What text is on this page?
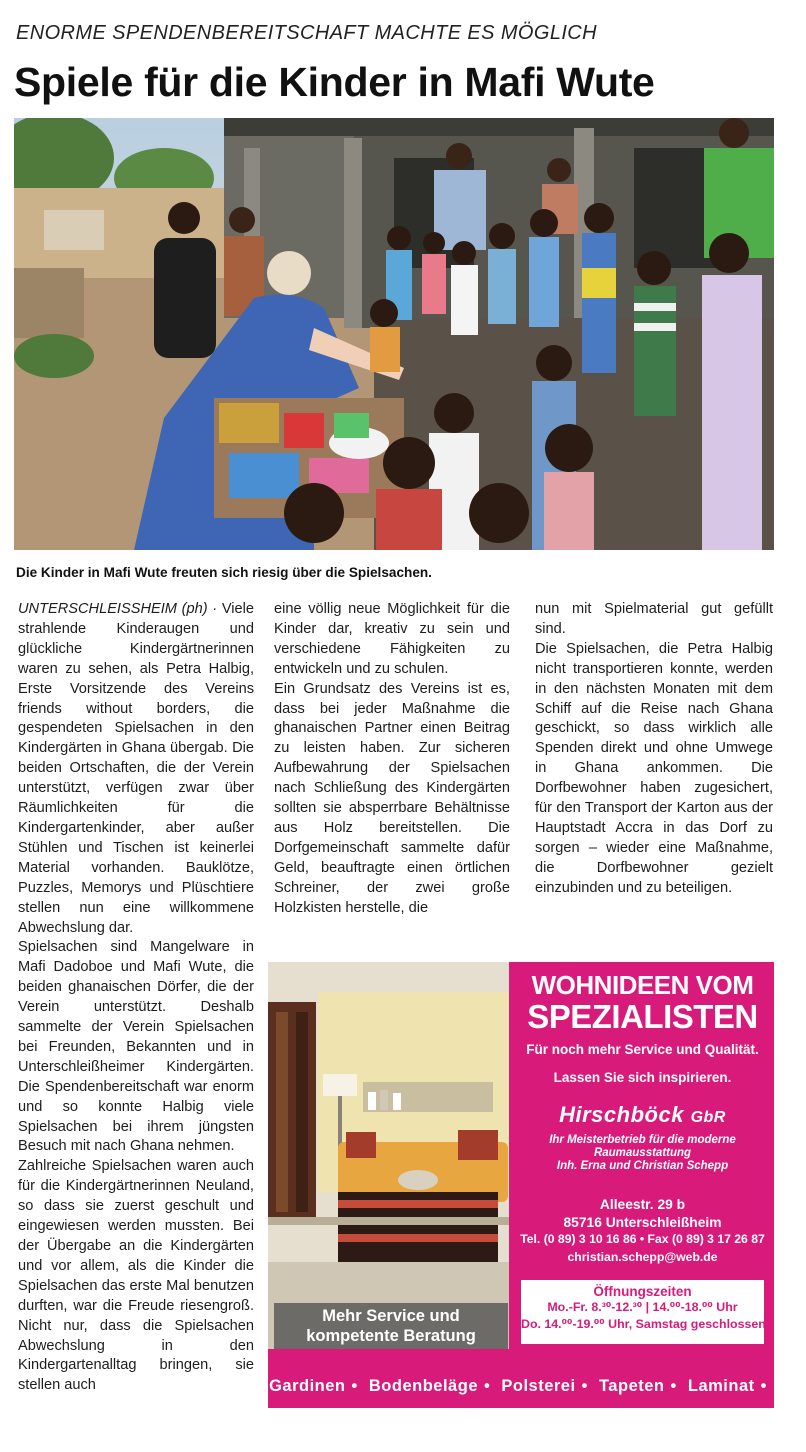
ENORME SPENDENBEREITSCHAFT MACHTE ES MÖGLICH
Spiele für die Kinder in Mafi Wute
Die Kinder in Mafi Wute freuten sich riesig über die Spielsachen.

UNTERSCHLEISSHEIM (ph) · Viele strahlende Kinderaugen und glückliche Kindergärtnerinnen waren zu sehen, als Petra Halbig, Erste Vorsitzende des Vereins friends without borders, die gespendeten Spielsachen in den Kindergärten in Ghana übergab. Die beiden Ortschaften, die der Verein unterstützt, verfügen zwar über Räumlichkeiten für die Kindergartenkinder, aber außer Stühlen und Tischen ist keinerlei Material vorhanden. Bauklötze, Puzzles, Memorys und Plüschtiere stellen nun eine willkommene Abwechslung dar.

Spielsachen sind Mangelware in Mafi Dadoboe und Mafi Wute, die beiden ghanaischen Dörfer, die der Verein unterstützt. Deshalb sammelte der Verein Spielsachen bei Freunden, Bekannten und in Unterschleißheimer Kindergärten. Die Spendenbereitschaft war enorm und so konnte Halbig viele Spielsachen bei ihrem jüngsten Besuch mit nach Ghana nehmen.

Zahlreiche Spielsachen waren auch für die Kindergärtnerinnen Neuland, so dass sie zuerst geschult und eingewiesen werden mussten. Bei der Übergabe an die Kindergärten und vor allem, als die Kinder die Spielsachen das erste Mal benutzen durften, war die Freude riesengroß. Nicht nur, dass die Spielsachen Abwechslung in den Kindergartenalltag bringen, sie stellen auch

eine völlig neue Möglichkeit für die Kinder dar, kreativ zu sein und verschiedene Fähigkeiten zu entwickeln und zu schulen.

Ein Grundsatz des Vereins ist es, dass bei jeder Maßnahme die ghanaischen Partner einen Beitrag zu leisten haben. Zur sicheren Aufbewahrung der Spielsachen nach Schließung des Kindergärten sollten sie absperrbare Behältnisse aus Holz bereitstellen. Die Dorfgemeinschaft sammelte dafür Geld, beauftragte einen örtlichen Schreiner, der zwei große Holzkisten herstelle, die

nun mit Spielmaterial gut gefüllt sind.

Die Spielsachen, die Petra Halbig nicht transportieren konnte, werden in den nächsten Monaten mit dem Schiff auf die Reise nach Ghana geschickt, so dass wirklich alle Spenden direkt und ohne Umwege in Ghana ankommen. Die Dorfbewohner haben zugesichert, für den Transport der Karton aus der Hauptstadt Accra in das Dorf zu sorgen – wieder eine Maßnahme, die Dorfbewohner gezielt einzubinden und zu beteiligen.

Mehr Service und
kompetente Beratung
WOHNIDEEN VOM
SPEZIALISTEN
Für noch mehr Service und Qualität.
Lassen Sie sich inspirieren.
Hirschböck GbR
Ihr Meisterbetrieb für die moderne
Raumausstattung
Inh. Erna und Christian Schepp
Alleestr. 29 b
85716 Unterschleißheim
Tel. (0 89) 3 10 16 86 • Fax (0 89) 3 17 26 87
christian.schepp@web.de
Öffnungszeiten
Mo.-Fr. 8.³⁰-12.³⁰ | 14.⁰⁰-18.⁰⁰ Uhr
Do. 14.⁰⁰-19.⁰⁰ Uhr, Samstag geschlossen
Gardinen • Bodenbeläge • Polsterei • Tapeten • Laminat • Parkett
